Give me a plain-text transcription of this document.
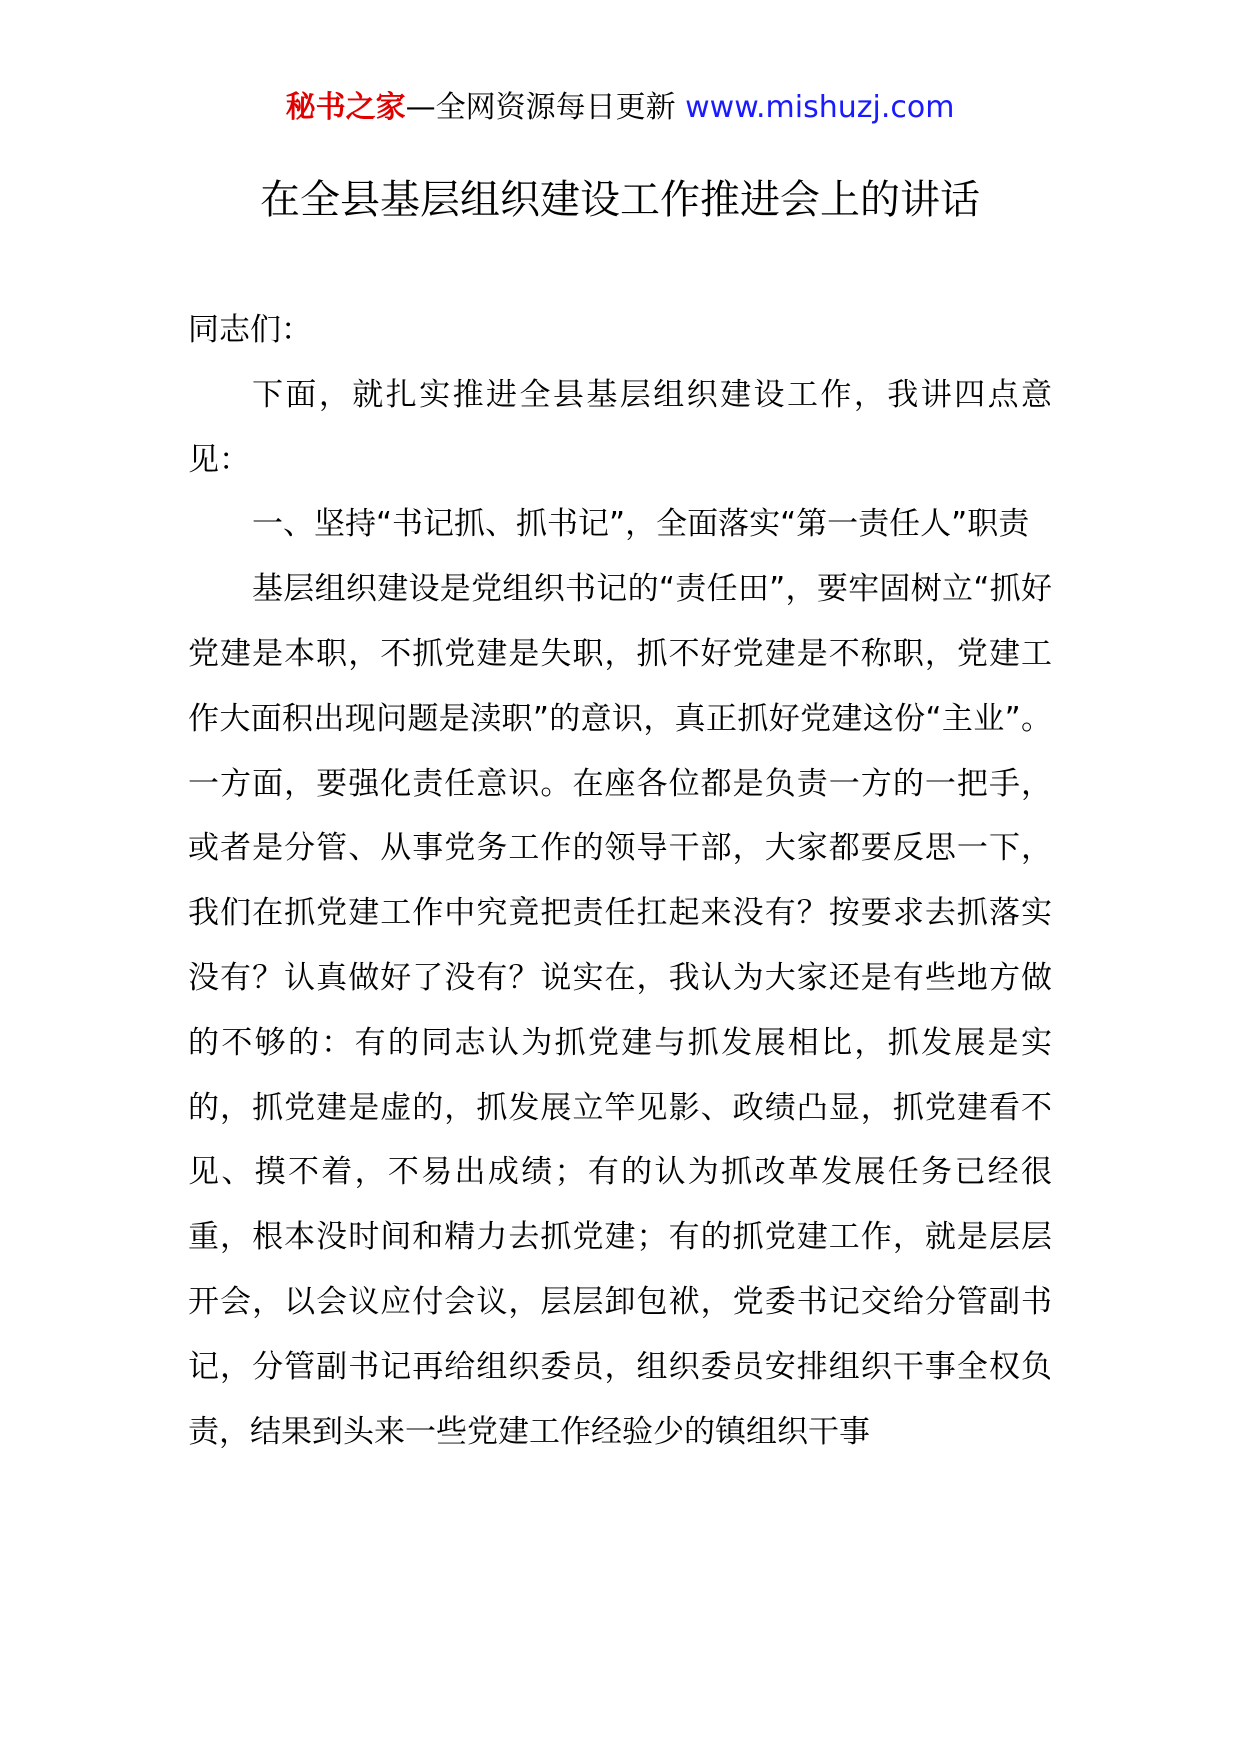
秘书之家—全网资源每日更新 www.mishuzj.com
在全县基层组织建设工作推进会上的讲话

同志们：

下面，就扎实推进全县基层组织建设工作，我讲四点意见：

一、坚持“书记抓、抓书记”，全面落实“第一责任人”职责

基层组织建设是党组织书记的“责任田”，要牢固树立“抓好党建是本职，不抓党建是失职，抓不好党建是不称职，党建工作大面积出现问题是渎职”的意识，真正抓好党建这份“主业”。一方面，要强化责任意识。在座各位都是负责一方的一把手，或者是分管、从事党务工作的领导干部，大家都要反思一下，我们在抓党建工作中究竟把责任扛起来没有？按要求去抓落实没有？认真做好了没有？说实在，我认为大家还是有些地方做的不够的：有的同志认为抓党建与抓发展相比，抓发展是实的，抓党建是虚的，抓发展立竿见影、政绩凸显，抓党建看不见、摸不着，不易出成绩；有的认为抓改革发展任务已经很重，根本没时间和精力去抓党建；有的抓党建工作，就是层层开会，以会议应付会议，层层卸包袱，党委书记交给分管副书记，分管副书记再给组织委员，组织委员安排组织干事全权负责，结果到头来一些党建工作经验少的镇组织干事
